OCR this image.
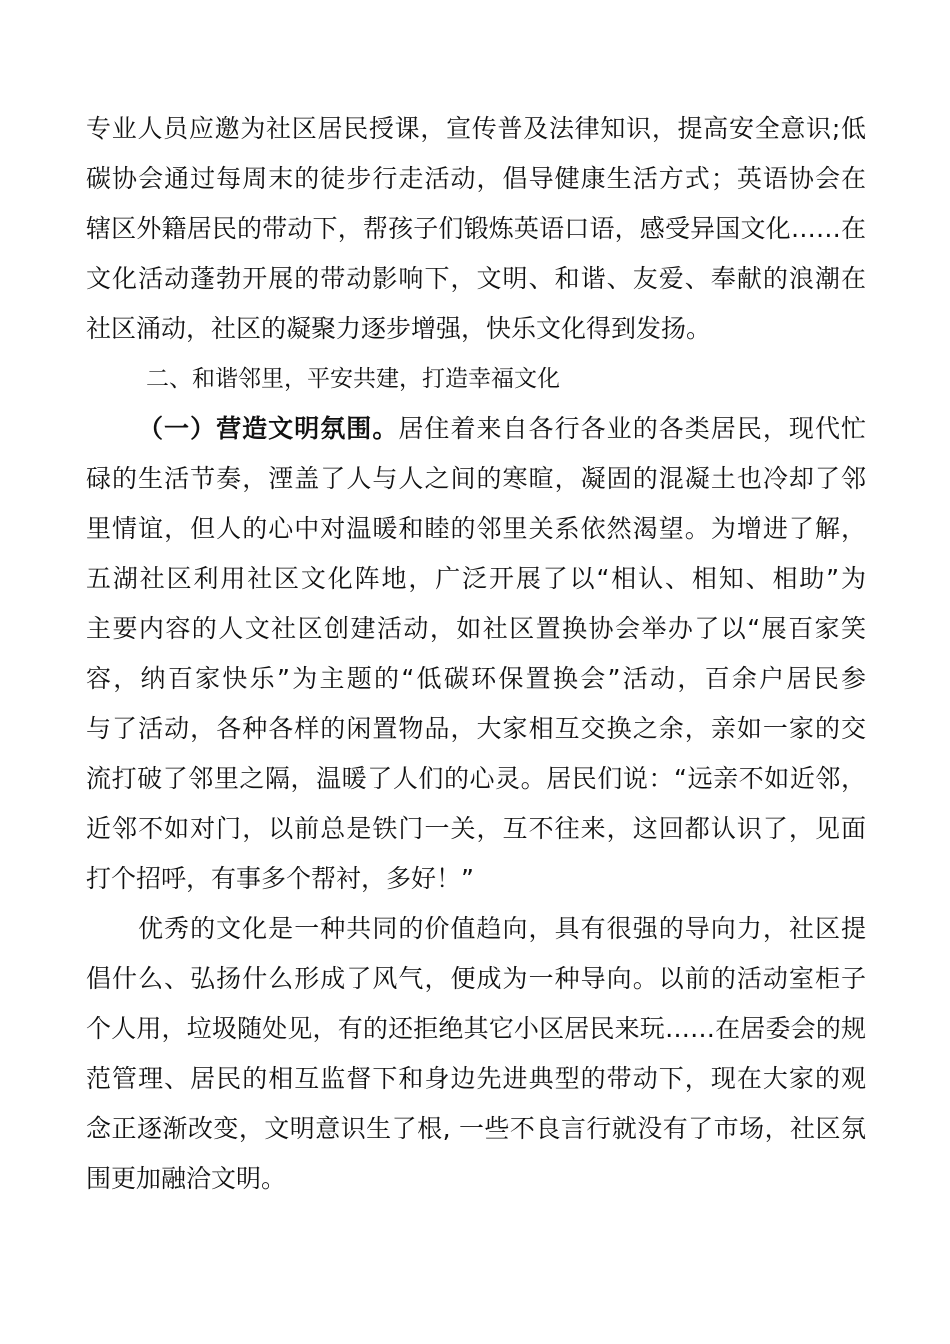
专业人员应邀为社区居民授课，宣传普及法律知识，提高安全意识;低
碳协会通过每周末的徒步行走活动，倡导健康生活方式；英语协会在
辖区外籍居民的带动下，帮孩子们锻炼英语口语，感受异国文化……在
文化活动蓬勃开展的带动影响下，文明、和谐、友爱、奉献的浪潮在
社区涌动，社区的凝聚力逐步增强，快乐文化得到发扬。
二、和谐邻里，平安共建，打造幸福文化
（一）营造文明氛围。居住着来自各行各业的各类居民，现代忙
碌的生活节奏，湮盖了人与人之间的寒暄，凝固的混凝土也冷却了邻
里情谊，但人的心中对温暖和睦的邻里关系依然渴望。为增进了解，
五湖社区利用社区文化阵地，广泛开展了以“相认、相知、相助”为
主要内容的人文社区创建活动，如社区置换协会举办了以“展百家笑
容，纳百家快乐”为主题的“低碳环保置换会”活动，百余户居民参
与了活动，各种各样的闲置物品，大家相互交换之余，亲如一家的交
流打破了邻里之隔，温暖了人们的心灵。居民们说：“远亲不如近邻，
近邻不如对门，以前总是铁门一关，互不往来，这回都认识了，见面
打个招呼，有事多个帮衬，多好！”
优秀的文化是一种共同的价值趋向，具有很强的导向力，社区提
倡什么、弘扬什么形成了风气，便成为一种导向。以前的活动室柜子
个人用，垃圾随处见，有的还拒绝其它小区居民来玩……在居委会的规
范管理、居民的相互监督下和身边先进典型的带动下，现在大家的观
念正逐渐改变，文明意识生了根, 一些不良言行就没有了市场，社区氛
围更加融洽文明。
